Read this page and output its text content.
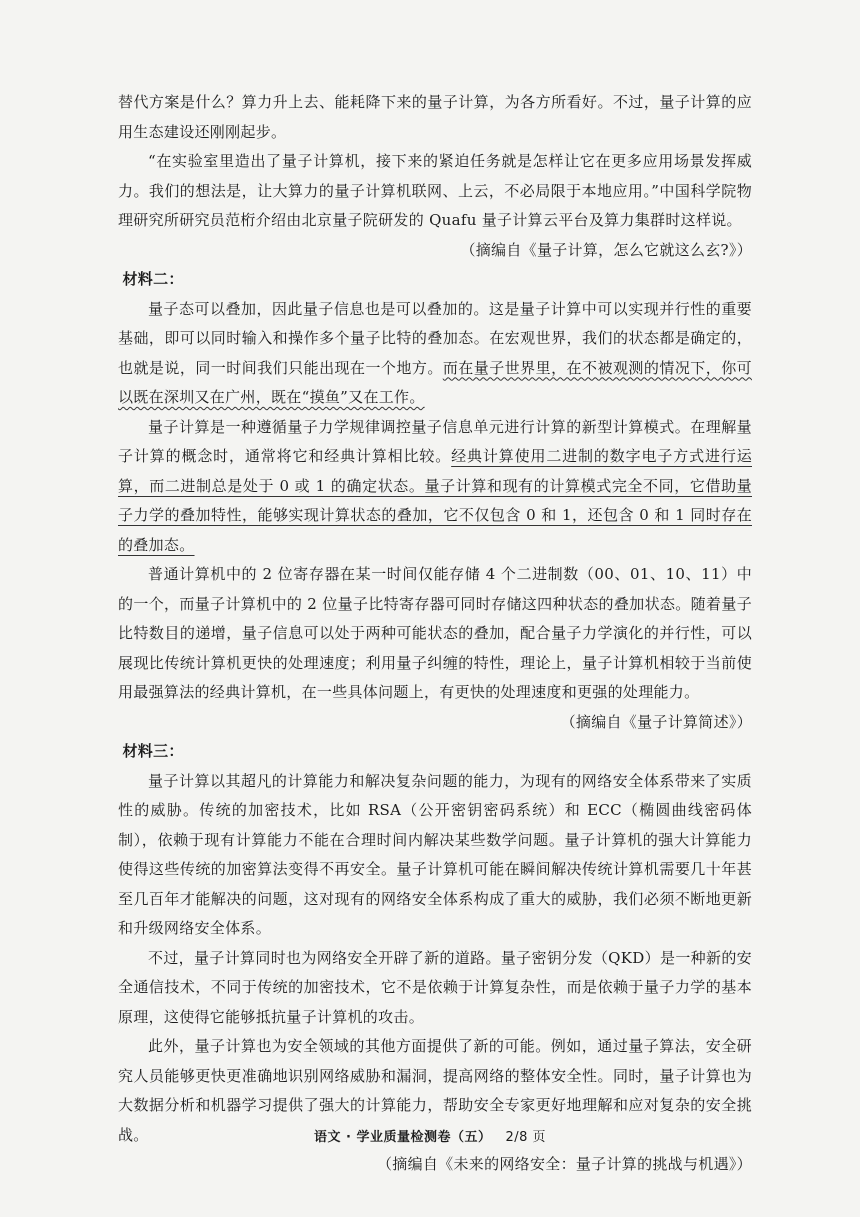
替代方案是什么？算力升上去、能耗降下来的量子计算，为各方所看好。不过，量子计算的应用生态建设还刚刚起步。

“在实验室里造出了量子计算机，接下来的紧迫任务就是怎样让它在更多应用场景发挥威力。我们的想法是，让大算力的量子计算机联网、上云，不必局限于本地应用。”中国科学院物理研究所研究员范桁介绍由北京量子院研发的 Quafu 量子计算云平台及算力集群时这样说。

（摘编自《量子计算，怎么它就这么玄?》）

材料二：

量子态可以叠加，因此量子信息也是可以叠加的。这是量子计算中可以实现并行性的重要基础，即可以同时输入和操作多个量子比特的叠加态。在宏观世界，我们的状态都是确定的，也就是说，同一时间我们只能出现在一个地方。而在量子世界里，在不被观测的情况下，你可以既在深圳又在广州，既在“摸鱼”又在工作。

量子计算是一种遵循量子力学规律调控量子信息单元进行计算的新型计算模式。在理解量子计算的概念时，通常将它和经典计算相比较。经典计算使用二进制的数字电子方式进行运算，而二进制总是处于 0 或 1 的确定状态。量子计算和现有的计算模式完全不同，它借助量子力学的叠加特性，能够实现计算状态的叠加，它不仅包含 0 和 1，还包含 0 和 1 同时存在的叠加态。

普通计算机中的 2 位寄存器在某一时间仅能存储 4 个二进制数（00、01、10、11）中的一个，而量子计算机中的 2 位量子比特寄存器可同时存储这四种状态的叠加状态。随着量子比特数目的递增，量子信息可以处于两种可能状态的叠加，配合量子力学演化的并行性，可以展现比传统计算机更快的处理速度；利用量子纠缠的特性，理论上，量子计算机相较于当前使用最强算法的经典计算机，在一些具体问题上，有更快的处理速度和更强的处理能力。

（摘编自《量子计算简述》）

材料三：

量子计算以其超凡的计算能力和解决复杂问题的能力，为现有的网络安全体系带来了实质性的威胁。传统的加密技术，比如 RSA（公开密钥密码系统）和 ECC（椭圆曲线密码体制），依赖于现有计算能力不能在合理时间内解决某些数学问题。量子计算机的强大计算能力使得这些传统的加密算法变得不再安全。量子计算机可能在瞬间解决传统计算机需要几十年甚至几百年才能解决的问题，这对现有的网络安全体系构成了重大的威胁，我们必须不断地更新和升级网络安全体系。

不过，量子计算同时也为网络安全开辟了新的道路。量子密钥分发（QKD）是一种新的安全通信技术，不同于传统的加密技术，它不是依赖于计算复杂性，而是依赖于量子力学的基本原理，这使得它能够抵抗量子计算机的攻击。

此外，量子计算也为安全领域的其他方面提供了新的可能。例如，通过量子算法，安全研究人员能够更快更准确地识别网络威胁和漏洞，提高网络的整体安全性。同时，量子计算也为大数据分析和机器学习提供了强大的计算能力，帮助安全专家更好地理解和应对复杂的安全挑战。

（摘编自《未来的网络安全：量子计算的挑战与机遇》）

语文 · 学业质量检测卷（五） 2/8 页
